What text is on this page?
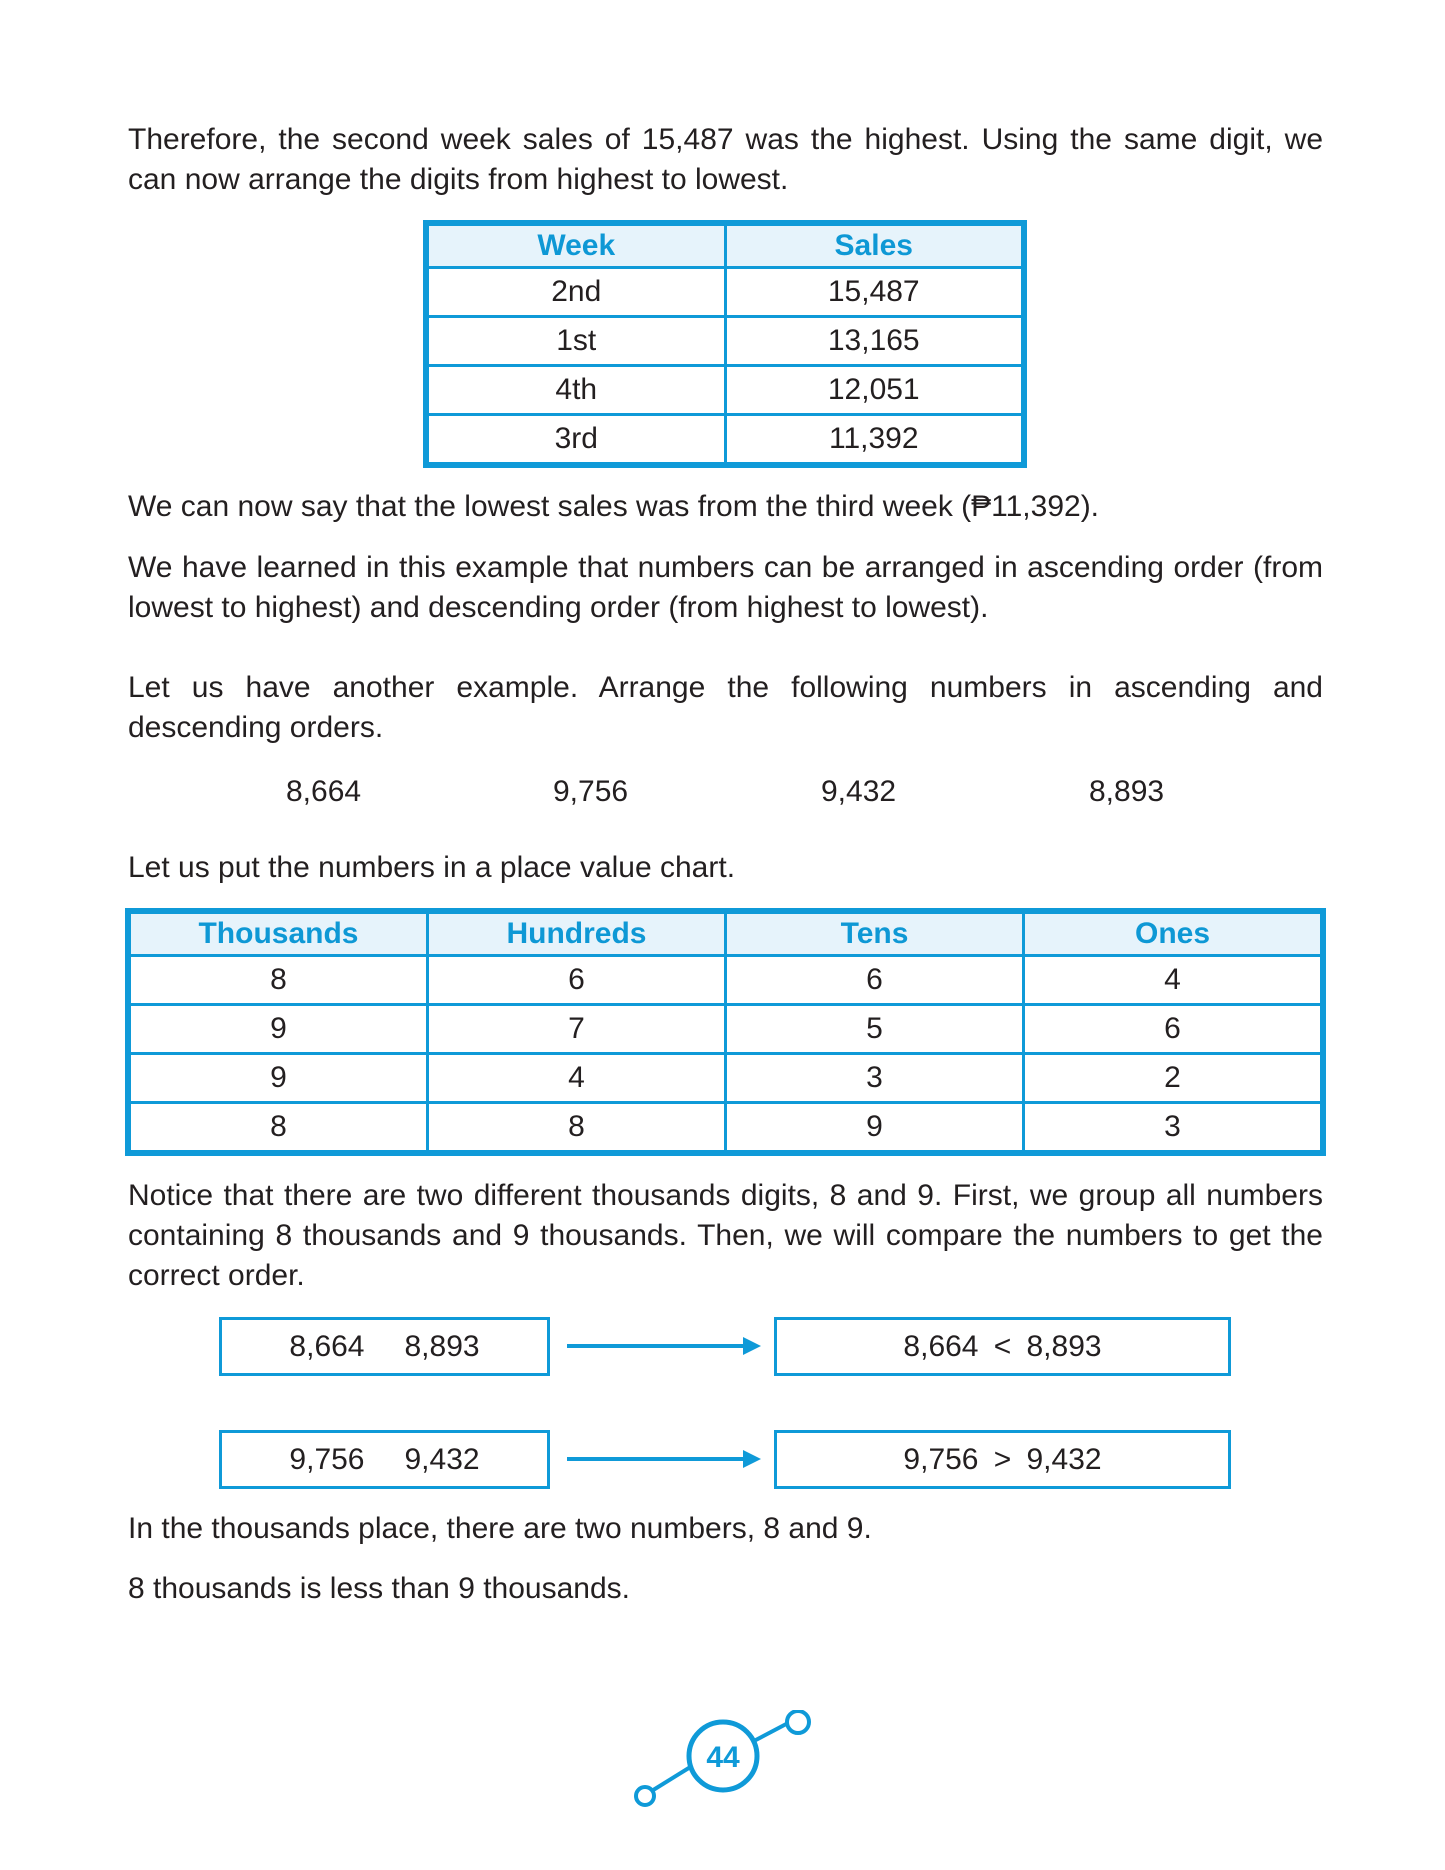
Therefore, the second week sales of 15,487 was the highest. Using the same digit, we can now arrange the digits from highest to lowest.

Week	Sales
2nd	15,487
1st	13,165
4th	12,051
3rd	11,392

We can now say that the lowest sales was from the third week (₱11,392).

We have learned in this example that numbers can be arranged in ascending order (from lowest to highest) and descending order (from highest to lowest).

Let us have another example. Arrange the following numbers in ascending and descending orders.

8,664	9,756	9,432	8,893

Let us put the numbers in a place value chart.

Thousands	Hundreds	Tens	Ones
8	6	6	4
9	7	5	6
9	4	3	2
8	8	9	3

Notice that there are two different thousands digits, 8 and 9. First, we group all numbers containing 8 thousands and 9 thousands. Then, we will compare the numbers to get the correct order.

8,664 8,893	8,664 < 8,893
9,756 9,432	9,756 > 9,432

In the thousands place, there are two numbers, 8 and 9.

8 thousands is less than 9 thousands.

44
